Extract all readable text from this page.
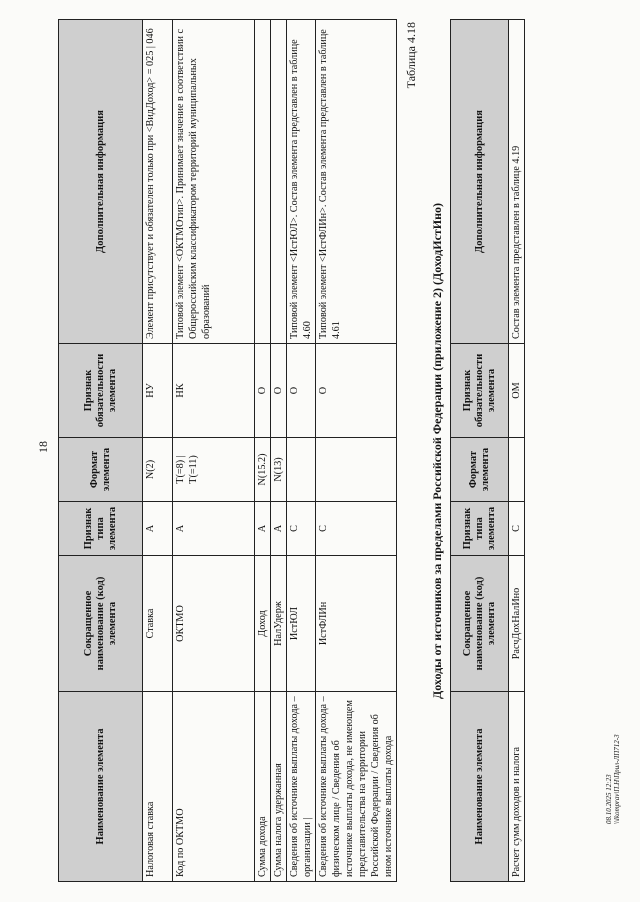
18
Наименование элемента	Сокращенное наименование (код) элемента	Признак типа элемента	Формат элемента	Признак обязательности элемента	Дополнительная информация
Налоговая ставка	Ставка	А	N(2)	НУ	Элемент присутствует и обязателен только при <ВидДоход> = 025 | 046
Код по ОКТМО	ОКТМО	А	T(=8) | T(=11)	НК	Типовой элемент <ОКТМОтип>. Принимает значение в соответствии с Общероссийским классификатором территорий муниципальных образований
Сумма дохода	Доход	А	N(15.2)	О	
Сумма налога удержанная	НалУдерж	А	N(13)	О	
Сведения об источнике выплаты дохода – организации |	ИстЮЛ	С		О	Типовой элемент <ИстЮЛ>. Состав элемента представлен в таблице 4.60
Сведения об источнике выплаты дохода – физическом лице / Сведения об источнике выплаты дохода, не имеющем представительства на территории Российской Федерации / Сведения об ином источнике выплаты дохода	ИстФЛИн	С		О	Типовой элемент <ИстФЛИн>. Состав элемента представлен в таблице 4.61
Таблица 4.18
Доходы от источников за пределами Российской Федерации (приложение 2) (ДоходИстИно)
Наименование элемента	Сокращенное наименование (код) элемента	Признак типа элемента	Формат элемента	Признак обязательности элемента	Дополнительная информация
Расчет сумм доходов и налога	РасчДохНалИно	С		ОМ	Состав элемента представлен в таблице 4.19
08.10.2025 12:23 \\lkomprav\П.Н\Прил-ЛП712-3
